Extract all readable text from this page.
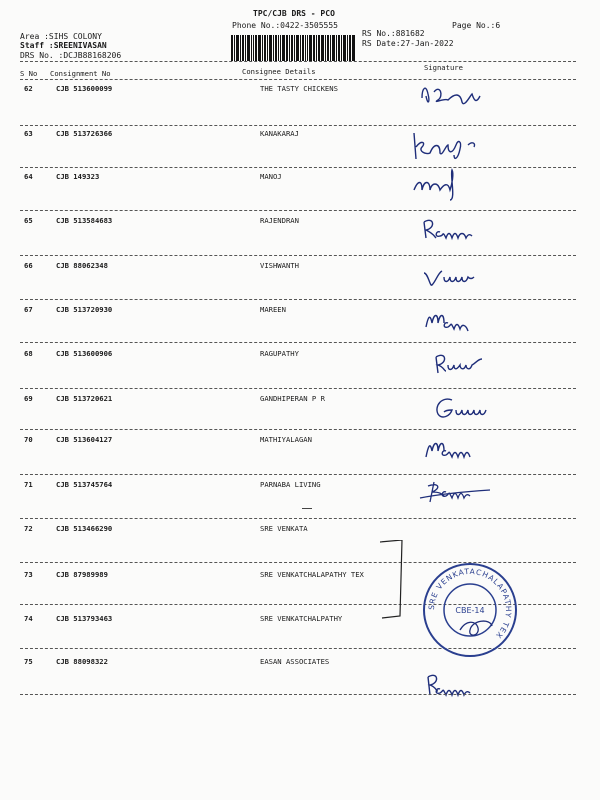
TPC/CJB DRS - PCO
Phone No.:0422-3505555	Page No.:6
Area :SIHS COLONY
Staff :SREENIVASAN
DRS No. :DCJB88168206
RS No.:881682
RS Date:27-Jan-2022
S No Consignment No	Consignee Details	Signature
62	CJB 513600099	THE TASTY CHICKENS
63	CJB 513726366	KANAKARAJ
64	CJB 149323	MANOJ
65	CJB 513584683	RAJENDRAN
66	CJB 88062348	VISHWANTH
67	CJB 513720930	MAREEN
68	CJB 513600906	RAGUPATHY
69	CJB 513720621	GANDHIPERAN P R
70	CJB 513604127	MATHIYALAGAN
71	CJB 513745764	PARNABA LIVING
72	CJB 513466290	SRE VENKATA
73	CJB 87989989	SRE VENKATCHALAPATHY TEX
74	CJB 513793463	SRE VENKATCHALPATHY
75	CJB 88098322	EASAN ASSOCIATES
SRE VENKATACHALAPATHY TEX
CBE-14
